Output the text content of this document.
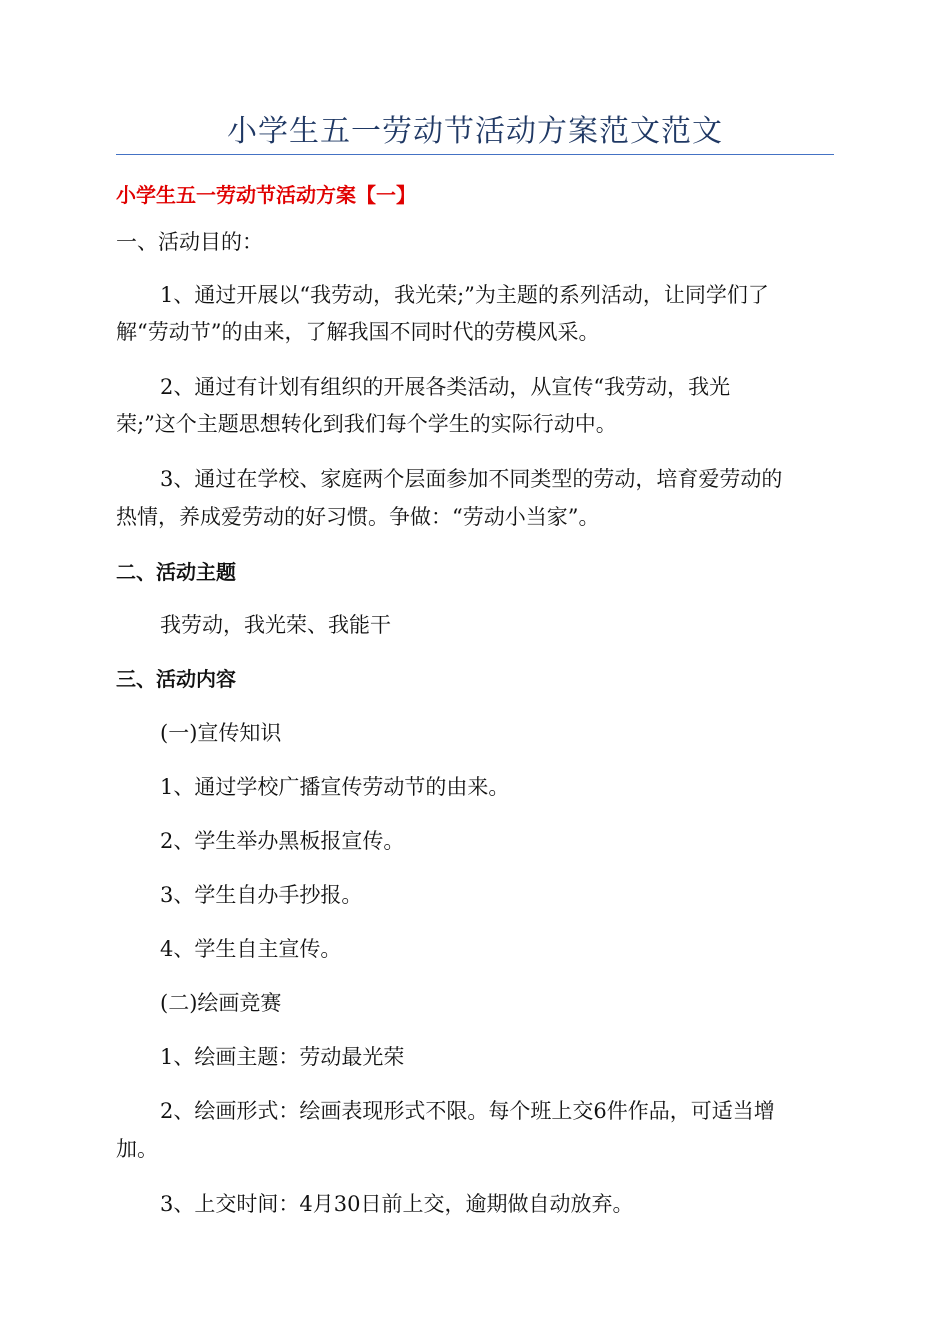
小学生五一劳动节活动方案范文范文
小学生五一劳动节活动方案【一】
一、活动目的：
1、通过开展以“我劳动，我光荣;”为主题的系列活动，让同学们了
解“劳动节”的由来，了解我国不同时代的劳模风采。
2、通过有计划有组织的开展各类活动，从宣传“我劳动，我光
荣;”这个主题思想转化到我们每个学生的实际行动中。
3、通过在学校、家庭两个层面参加不同类型的劳动，培育爱劳动的
热情，养成爱劳动的好习惯。争做：“劳动小当家”。
二、活动主题
我劳动，我光荣、我能干
三、活动内容
(一)宣传知识
1、通过学校广播宣传劳动节的由来。
2、学生举办黑板报宣传。
3、学生自办手抄报。
4、学生自主宣传。
(二)绘画竞赛
1、绘画主题：劳动最光荣
2、绘画形式：绘画表现形式不限。每个班上交6件作品，可适当增
加。
3、上交时间：4月30日前上交，逾期做自动放弃。
